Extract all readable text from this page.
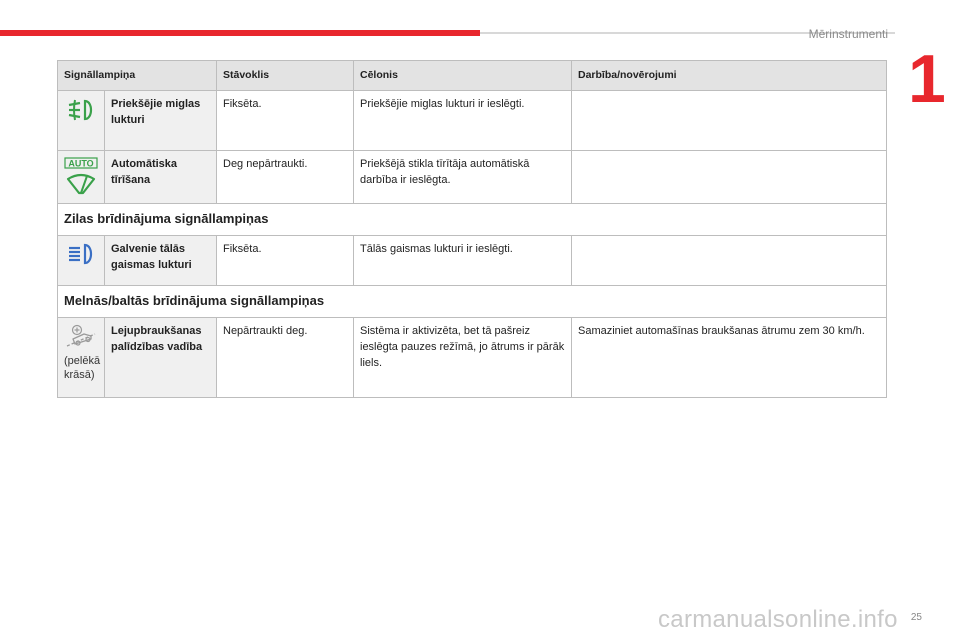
Mērinstrumenti
1
Signāllampiņa		Stāvoklis	Cēlonis	Darbība/novērojumi

	Priekšējie miglas lukturi	Fiksēta.	Priekšējie miglas lukturi ir ieslēgti.	

AUTO	Automātiska tīrīšana	Deg nepārtraukti.	Priekšējā stikla tīrītāja automātiskā darbība ir ieslēgta.	
Zilas brīdinājuma signāllampiņas				

	Galvenie tālās gaismas lukturi	Fiksēta.	Tālās gaismas lukturi ir ieslēgti.	
Melnās/baltās brīdinājuma signāllampiņas				

(pelēkā krāsā)	Lejupbraukšanas palīdzības vadība	Nepārtraukti deg.	Sistēma ir aktivizēta, bet tā pašreiz ieslēgta pauzes režīmā, jo ātrums ir pārāk liels.	Samaziniet automašīnas braukšanas ātrumu zem 30 km/h.
carmanualsonline.info 25
